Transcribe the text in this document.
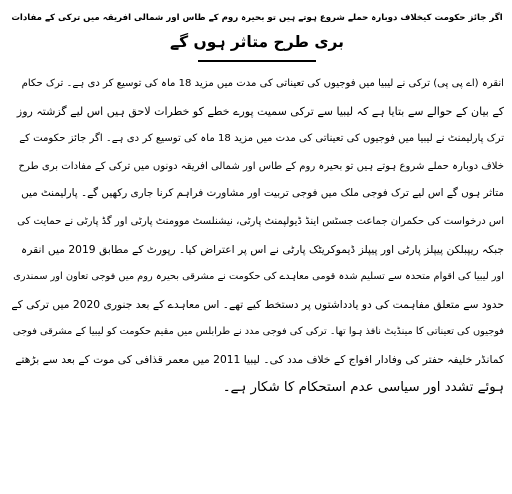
اگر جائز حکومت کیخلاف دوبارہ حملے شروع ہوتے ہیں تو بحیرہ روم کے طاس اور شمالی افریقہ میں ترکی کے مفادات
بری طرح متاثر ہوں گے
انقرہ (اے پی پی) ترکی نے لیبیا میں فوجیوں کی تعیناتی کی مدت میں مزید 18 ماہ کی توسیع کر دی ہے۔ ترک حکام
کے بیان کے حوالے سے بتایا ہے کہ لیبیا سے ترکی سمیت پورے خطے کو خطرات لاحق ہیں اس لیے گزشتہ روز
ترک پارلیمنٹ نے لیبیا میں فوجیوں کی تعیناتی کی مدت میں مزید 18 ماہ کی توسیع کر دی ہے۔ اگر جائز حکومت کے
خلاف دوبارہ حملے شروع ہوتے ہیں تو بحیرہ روم کے طاس اور شمالی افریقہ دونوں میں ترکی کے مفادات بری طرح
متاثر ہوں گے اس لیے ترک فوجی ملک میں فوجی تربیت اور مشاورت فراہم کرنا جاری رکھیں گے۔ پارلیمنٹ میں
اس درخواست کی حکمران جماعت جسٹس اینڈ ڈیولپمنٹ پارٹی، نیشنلسٹ موومنٹ پارٹی اور گڈ پارٹی نے حمایت کی
جبکہ ریپبلکن پیپلز پارٹی اور پیپلز ڈیموکریٹک پارٹی نے اس پر اعتراض کیا۔ رپورٹ کے مطابق 2019 میں انقرہ
اور لیبیا کی اقوام متحدہ سے تسلیم شدہ قومی معاہدے کی حکومت نے مشرقی بحیرہ روم میں فوجی تعاون اور سمندری
حدود سے متعلق مفاہمت کی دو یادداشتوں پر دستخط کیے تھے۔ اس معاہدے کے بعد جنوری 2020 میں ترکی کے
فوجیوں کی تعیناتی کا مینڈیٹ نافذ ہوا تھا۔ ترکی کی فوجی مدد نے طرابلس میں مقیم حکومت کو لیبیا کے مشرقی فوجی
کمانڈر خلیفہ حفتر کی وفادار افواج کے خلاف مدد کی۔ لیبیا 2011 میں معمر قذافی کی موت کے بعد سے بڑھتے
ہوئے تشدد اور سیاسی عدم استحکام کا شکار ہے۔
